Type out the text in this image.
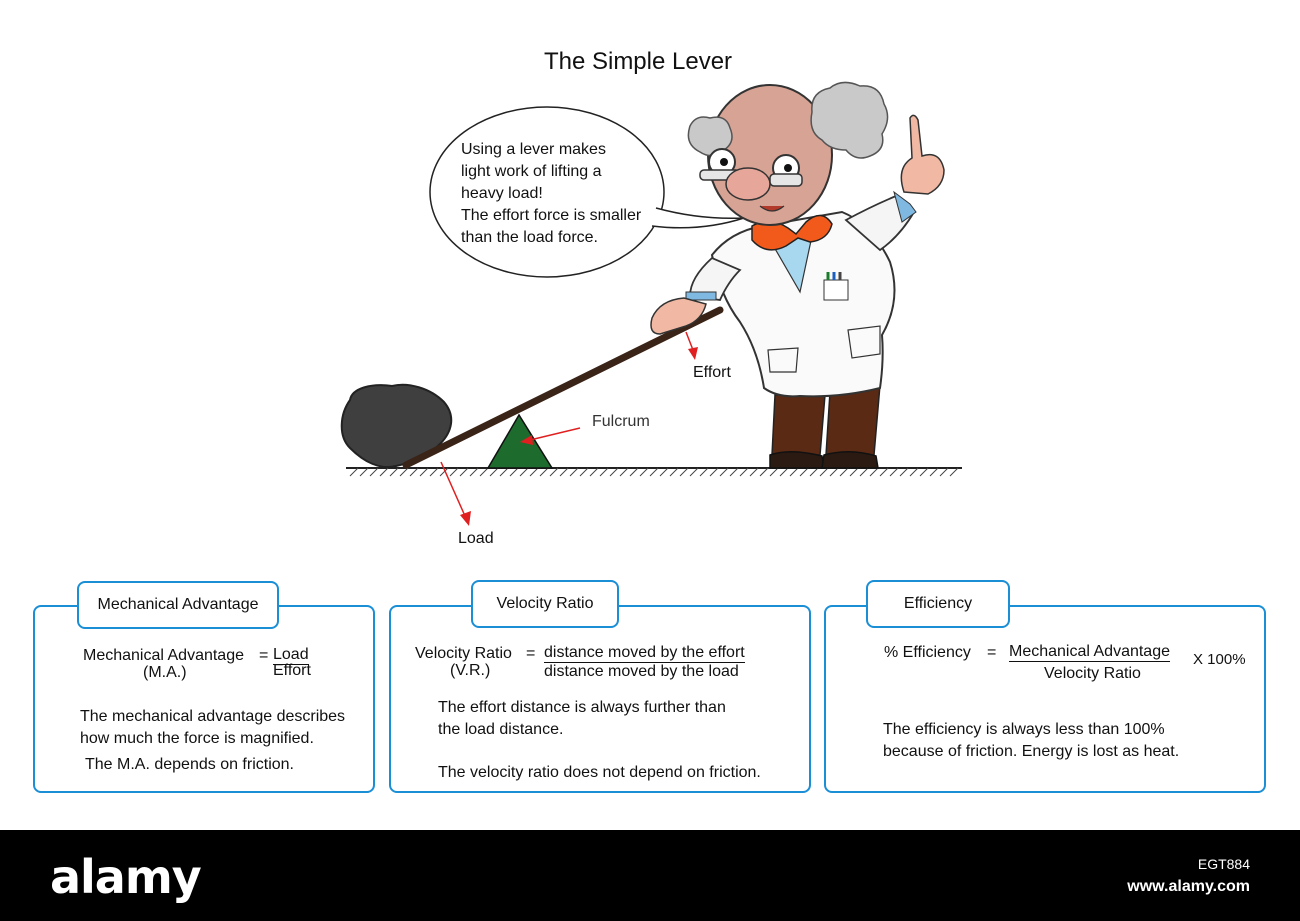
The Simple Lever
Using a lever makes
light work of lifting a
heavy load!
The effort force is smaller
than the load force.
Effort
Fulcrum
Load
Mechanical Advantage
Mechanical Advantage
(M.A.)
= Load
Effort
The mechanical advantage describes
how much the force is magnified.
The M.A. depends on friction.
Velocity Ratio
Velocity Ratio
(V.R.)
= distance moved by the effort
distance moved by the load
The effort distance is always further than
the load distance.
The velocity ratio does not depend on friction.
Efficiency
% Efficiency = Mechanical Advantage
Velocity Ratio
X 100%
The efficiency is always less than 100%
because of friction. Energy is lost as heat.
alamy	EGT884
www.alamy.com
